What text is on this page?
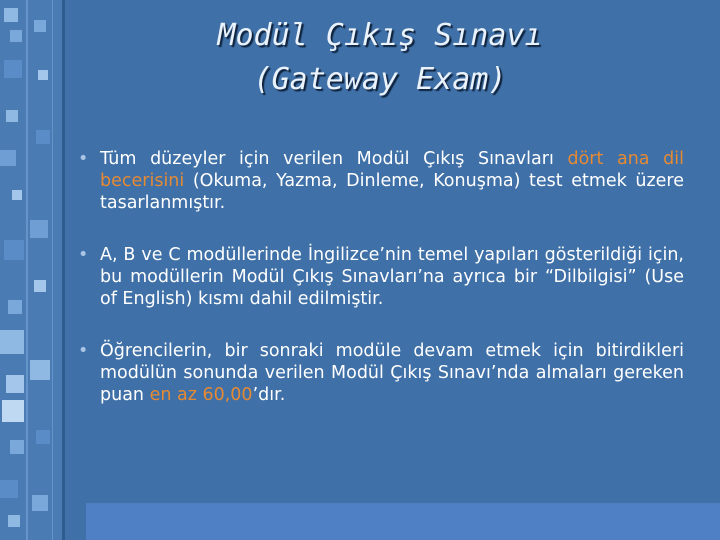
Modül Çıkış Sınavı
(Gateway Exam)
• Tüm düzeyler için verilen Modül Çıkış Sınavları dört ana dil becerisini (Okuma, Yazma, Dinleme, Konuşma) test etmek üzere tasarlanmıştır.
• A, B ve C modüllerinde İngilizce’nin temel yapıları gösterildiği için, bu modüllerin Modül Çıkış Sınavları’na ayrıca bir “Dilbilgisi” (Use of English) kısmı dahil edilmiştir.
• Öğrencilerin, bir sonraki modüle devam etmek için bitirdikleri modülün sonunda verilen Modül Çıkış Sınavı’nda almaları gereken puan en az 60,00’dır.
